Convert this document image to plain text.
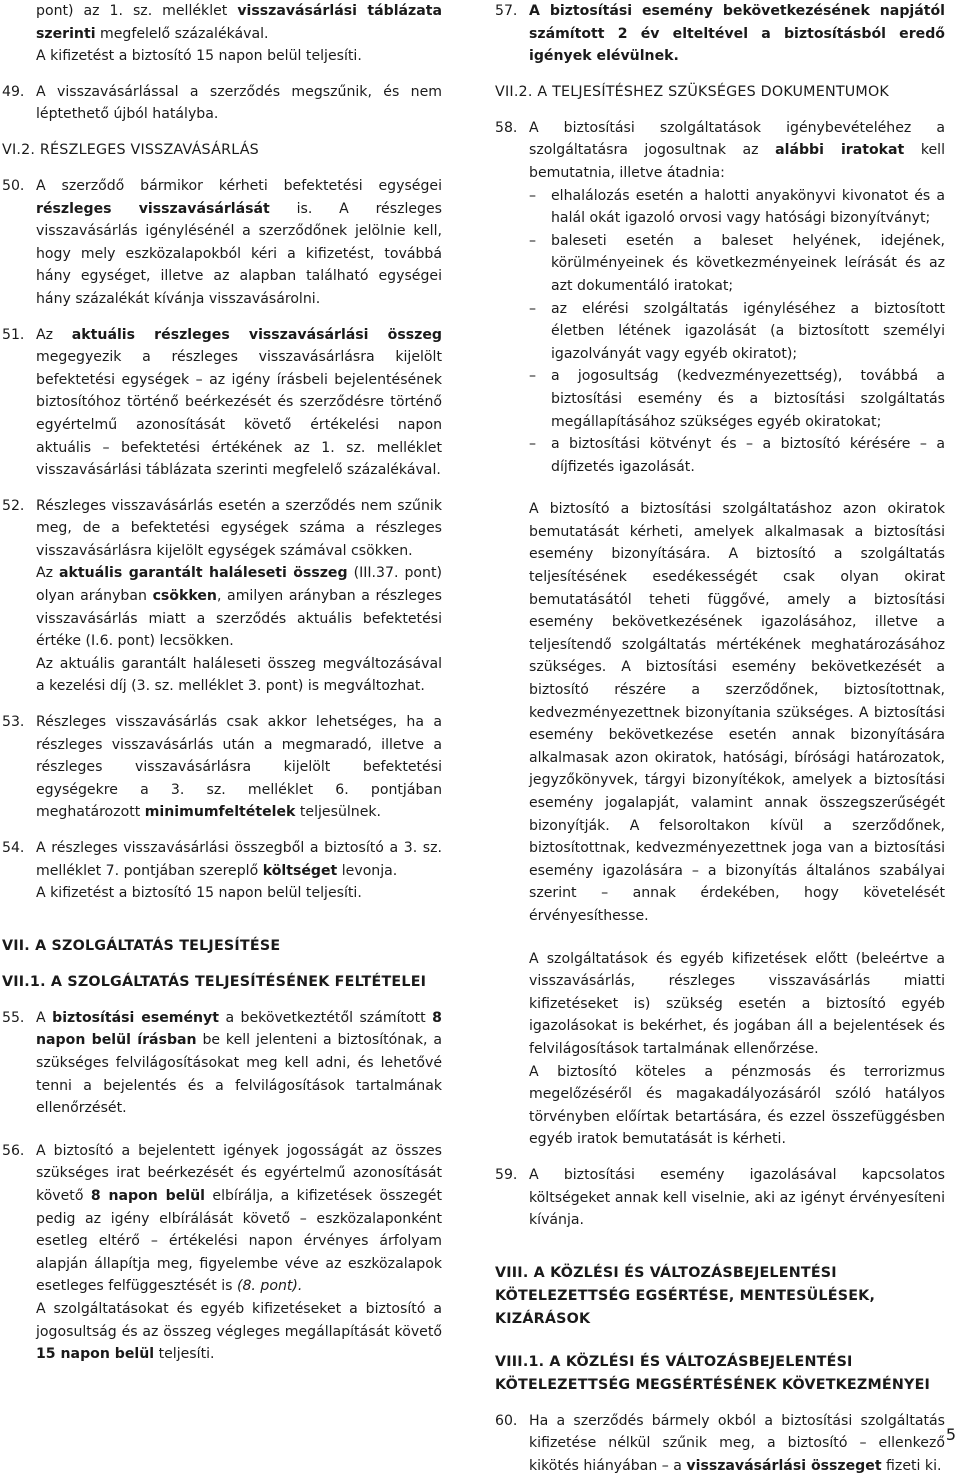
pont) az 1. sz. melléklet visszavásárlási táblázata szerinti megfelelő százalékával.

A kifizetést a biztosító 15 napon belül teljesíti.

49. A visszavásárlással a szerződés megszűnik, és nem léptethető újból hatályba.

VI.2. RÉSZLEGES VISSZAVÁSÁRLÁS
50. A szerződő bármikor kérheti befektetési egységei részleges visszavásárlását is. A részleges visszavásárlás igénylésénél a szerződőnek jelölnie kell, hogy mely eszközalapokból kéri a kifizetést, továbbá hány egységet, illetve az alapban található egységei hány százalékát kívánja visszavásárolni.

51. Az aktuális részleges visszavásárlási összeg megegyezik a részleges visszavásárlásra kijelölt befektetési egységek – az igény írásbeli bejelentésének biztosítóhoz történő beérkezését és szerződésre történő egyértelmű azonosítását követő értékelési napon aktuális – befektetési értékének az 1. sz. melléklet visszavásárlási táblázata szerinti megfelelő százalékával.

52. Részleges visszavásárlás esetén a szerződés nem szűnik meg, de a befektetési egységek száma a részleges visszavásárlásra kijelölt egységek számával csökken.

Az aktuális garantált haláleseti összeg (III.37. pont) olyan arányban csökken, amilyen arányban a részleges visszavásárlás miatt a szerződés aktuális befektetési értéke (I.6. pont) lecsökken.

Az aktuális garantált haláleseti összeg megváltozásával a kezelési díj (3. sz. melléklet 3. pont) is megváltozhat.

53. Részleges visszavásárlás csak akkor lehetséges, ha a részleges visszavásárlás után a megmaradó, illetve a részleges visszavásárlásra kijelölt befektetési egységekre a 3. sz. melléklet 6. pontjában meghatározott minimumfeltételek teljesülnek.

54. A részleges visszavásárlási összegből a biztosító a 3. sz. melléklet 7. pontjában szereplő költséget levonja.

A kifizetést a biztosító 15 napon belül teljesíti.

VII. A SZOLGÁLTATÁS TELJESÍTÉSE
VII.1. A SZOLGÁLTATÁS TELJESÍTÉSÉNEK FELTÉTELEI
55. A biztosítási eseményt a bekövetkeztétől számított 8 napon belül írásban be kell jelenteni a biztosítónak, a szükséges felvilágosításokat meg kell adni, és lehetővé tenni a bejelentés és a felvilágosítások tartalmának ellenőrzését.

56. A biztosító a bejelentett igények jogosságát az összes szükséges irat beérkezését és egyértelmű azonosítását követő 8 napon belül elbírálja, a kifizetések összegét pedig az igény elbírálását követő – eszközalaponként esetleg eltérő – értékelési napon érvényes árfolyam alapján állapítja meg, figyelembe véve az eszközalapok esetleges felfüggesztését is (8. pont).

A szolgáltatásokat és egyéb kifizetéseket a biztosító a jogosultság és az összeg végleges megállapítását követő 15 napon belül teljesíti.

57. A biztosítási esemény bekövetkezésének napjától számított 2 év elteltével a biztosításból eredő igények elévülnek.

VII.2. A TELJESÍTÉSHEZ SZÜKSÉGES DOKUMENTUMOK
58. A biztosítási szolgáltatások igénybevételéhez a szolgáltatásra jogosultnak az alábbi iratokat kell bemutatnia, illetve átadnia:

– elhalálozás esetén a halotti anyakönyvi kivonatot és a halál okát igazoló orvosi vagy hatósági bizonyítványt;
– baleseti esetén a baleset helyének, idejének, körülményeinek és következményeinek leírását és az azt dokumentáló iratokat;
– az elérési szolgáltatás igényléséhez a biztosított életben létének igazolását (a biztosított személyi igazolványát vagy egyéb okiratot);
– a jogosultság (kedvezményezettség), továbbá a biztosítási esemény és a biztosítási szolgáltatás megállapításához szükséges egyéb okiratokat;
– a biztosítási kötvényt és – a biztosító kérésére – a díjfizetés igazolását.

A biztosító a biztosítási szolgáltatáshoz azon okiratok bemutatását kérheti, amelyek alkalmasak a biztosítási esemény bizonyítására. A biztosító a szolgáltatás teljesítésének esedékességét csak olyan okirat bemutatásától teheti függővé, amely a biztosítási esemény bekövetkezésének igazolásához, illetve a teljesítendő szolgáltatás mértékének meghatározásához szükséges. A biztosítási esemény bekövetkezését a biztosító részére a szerződőnek, biztosítottnak, kedvezményezettnek bizonyítania szükséges. A biztosítási esemény bekövetkezése esetén annak bizonyítására alkalmasak azon okiratok, hatósági, bírósági határozatok, jegyzőkönyvek, tárgyi bizonyítékok, amelyek a biztosítási esemény jogalapját, valamint annak összegszerűségét bizonyítják. A felsoroltakon kívül a szerződőnek, biztosítottnak, kedvezményezettnek joga van a biztosítási esemény igazolására – a bizonyítás általános szabályai szerint – annak érdekében, hogy követelését érvényesíthesse.

A szolgáltatások és egyéb kifizetések előtt (beleértve a visszavásárlás, részleges visszavásárlás miatti kifizetéseket is) szükség esetén a biztosító egyéb igazolásokat is bekérhet, és jogában áll a bejelentések és felvilágosítások tartalmának ellenőrzése.

A biztosító köteles a pénzmosás és terrorizmus megelőzéséről és magakadályozásáról szóló hatályos törvényben előírtak betartására, és ezzel összefüggésben egyéb iratok bemutatását is kérheti.

59. A biztosítási esemény igazolásával kapcsolatos költségeket annak kell viselnie, aki az igényt érvényesíteni kívánja.

VIII. A KÖZLÉSI ÉS VÁLTOZÁSBEJELENTÉSI KÖTELEZETTSÉG EGSÉRTÉSE, MENTESÜLÉSEK, KIZÁRÁSOK
VIII.1. A KÖZLÉSI ÉS VÁLTOZÁSBEJELENTÉSI KÖTELEZETTSÉG MEGSÉRTÉSÉNEK KÖVETKEZMÉNYEI
60. Ha a szerződés bármely okból a biztosítási szolgáltatás kifizetése nélkül szűnik meg, a biztosító – ellenkező kikötés hiányában – a visszavásárlási összeget fizeti ki.

5
